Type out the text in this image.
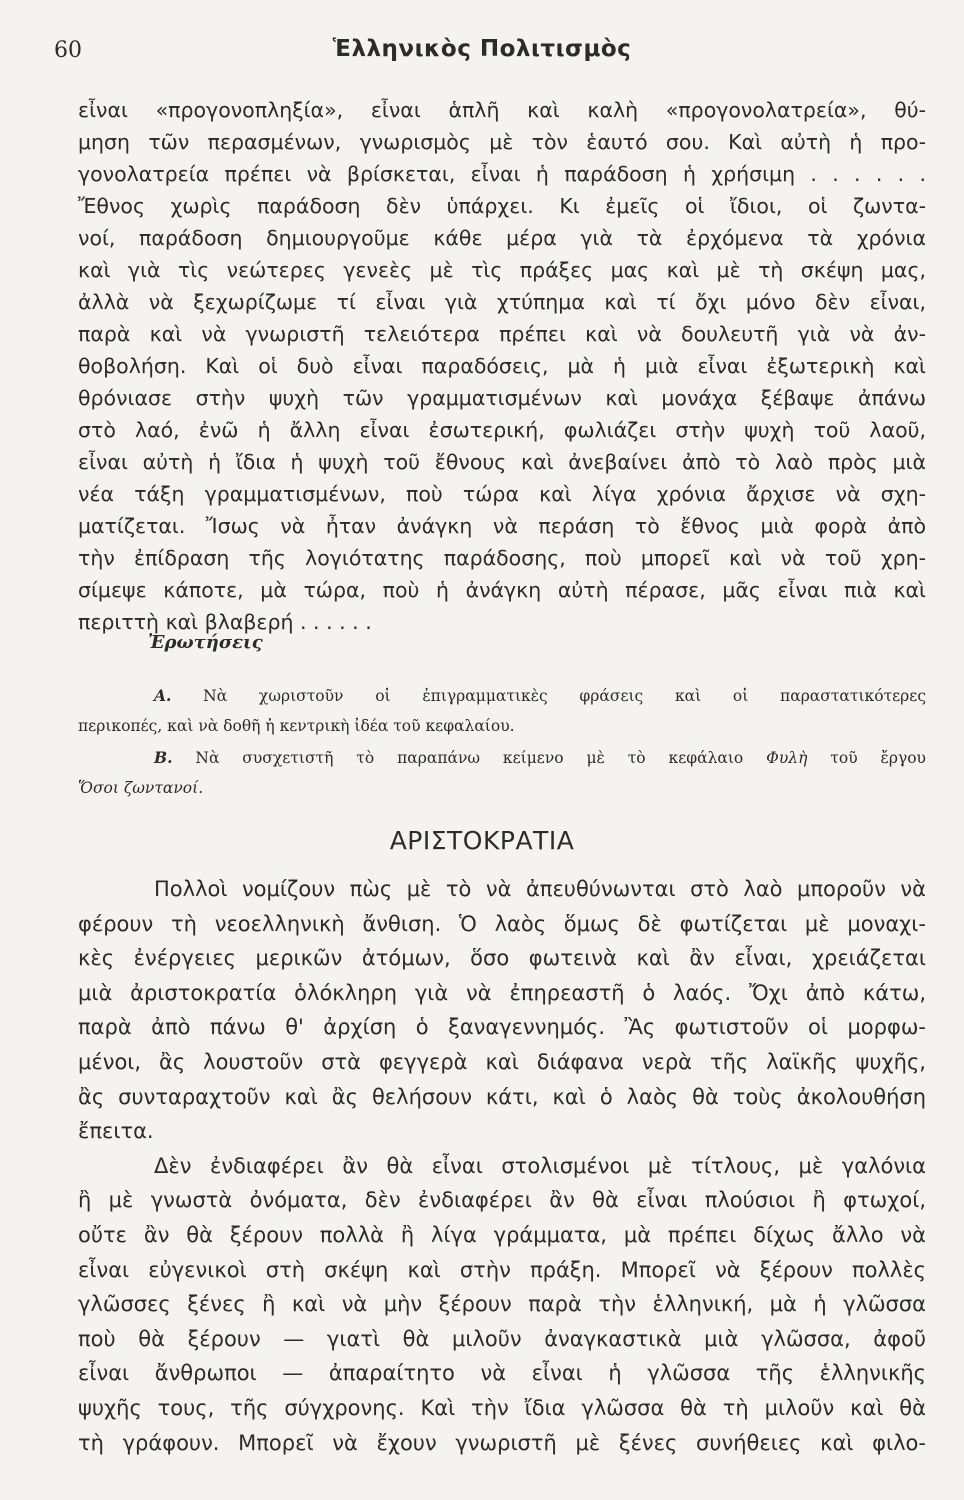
60	Ἑλληνικὸς Πολιτισμὸς
εἶναι «προγονοπληξία», εἶναι ἁπλῆ καὶ καλὴ «προγονολατρεία», θύ-
μηση τῶν περασμένων, γνωρισμὸς μὲ τὸν ἑαυτό σου. Καὶ αὐτὴ ἡ προ-
γονολατρεία πρέπει νὰ βρίσκεται, εἶναι ἡ παράδοση ἡ χρήσιμη . . . . . .
Ἔθνος χωρὶς παράδοση δὲν ὑπάρχει. Κι ἐμεῖς οἱ ἴδιοι, οἱ ζωντα-
νοί, παράδοση δημιουργοῦμε κάθε μέρα γιὰ τὰ ἐρχόμενα τὰ χρόνια
καὶ γιὰ τὶς νεώτερες γενεὲς μὲ τὶς πράξες μας καὶ μὲ τὴ σκέψη μας,
ἀλλὰ νὰ ξεχωρίζωμε τί εἶναι γιὰ χτύπημα καὶ τί ὄχι μόνο δὲν εἶναι,
παρὰ καὶ νὰ γνωριστῆ τελειότερα πρέπει καὶ νὰ δουλευτῆ γιὰ νὰ ἀν-
θοβολήση. Καὶ οἱ δυὸ εἶναι παραδόσεις, μὰ ἡ μιὰ εἶναι ἐξωτερικὴ καὶ
θρόνιασε στὴν ψυχὴ τῶν γραμματισμένων καὶ μονάχα ξέβαψε ἀπάνω
στὸ λαό, ἐνῶ ἡ ἄλλη εἶναι ἐσωτερική, φωλιάζει στὴν ψυχὴ τοῦ λαοῦ,
εἶναι αὐτὴ ἡ ἴδια ἡ ψυχὴ τοῦ ἔθνους καὶ ἀνεβαίνει ἀπὸ τὸ λαὸ πρὸς μιὰ
νέα τάξη γραμματισμένων, ποὺ τώρα καὶ λίγα χρόνια ἄρχισε νὰ σχη-
ματίζεται. Ἴσως νὰ ἦταν ἀνάγκη νὰ περάση τὸ ἔθνος μιὰ φορὰ ἀπὸ
τὴν ἐπίδραση τῆς λογιότατης παράδοσης, ποὺ μπορεῖ καὶ νὰ τοῦ χρη-
σίμεψε κάποτε, μὰ τώρα, ποὺ ἡ ἀνάγκη αὐτὴ πέρασε, μᾶς εἶναι πιὰ καὶ
περιττὴ καὶ βλαβερή . . . . . .
Ἐρωτήσεις
Α. Νὰ χωριστοῦν οἱ ἐπιγραμματικὲς φράσεις καὶ οἱ παραστατικότερες
περικοπές, καὶ νὰ δοθῆ ἡ κεντρικὴ ἰδέα τοῦ κεφαλαίου.
Β. Νὰ συσχετιστῆ τὸ παραπάνω κείμενο μὲ τὸ κεφάλαιο Φυλὴ τοῦ ἔργου
Ὅσοι ζωντανοί.
ΑΡΙΣΤΟΚΡΑΤΙΑ
Πολλοὶ νομίζουν πὼς μὲ τὸ νὰ ἀπευθύνωνται στὸ λαὸ μποροῦν νὰ
φέρουν τὴ νεοελληνικὴ ἄνθιση. Ὁ λαὸς ὅμως δὲ φωτίζεται μὲ μοναχι-
κὲς ἐνέργειες μερικῶν ἀτόμων, ὅσο φωτεινὰ καὶ ἂν εἶναι, χρειάζεται
μιὰ ἀριστοκρατία ὁλόκληρη γιὰ νὰ ἐπηρεαστῆ ὁ λαός. Ὄχι ἀπὸ κάτω,
παρὰ ἀπὸ πάνω θ' ἀρχίση ὁ ξαναγεννημός. Ἂς φωτιστοῦν οἱ μορφω-
μένοι, ἂς λουστοῦν στὰ φεγγερὰ καὶ διάφανα νερὰ τῆς λαϊκῆς ψυχῆς,
ἂς συνταραχτοῦν καὶ ἂς θελήσουν κάτι, καὶ ὁ λαὸς θὰ τοὺς ἀκολουθήση
ἔπειτα.
Δὲν ἐνδιαφέρει ἂν θὰ εἶναι στολισμένοι μὲ τίτλους, μὲ γαλόνια
ἢ μὲ γνωστὰ ὀνόματα, δὲν ἐνδιαφέρει ἂν θὰ εἶναι πλούσιοι ἢ φτωχοί,
οὔτε ἂν θὰ ξέρουν πολλὰ ἢ λίγα γράμματα, μὰ πρέπει δίχως ἄλλο νὰ
εἶναι εὐγενικοὶ στὴ σκέψη καὶ στὴν πράξη. Μπορεῖ νὰ ξέρουν πολλὲς
γλῶσσες ξένες ἢ καὶ νὰ μὴν ξέρουν παρὰ τὴν ἑλληνική, μὰ ἡ γλῶσσα
ποὺ θὰ ξέρουν — γιατὶ θὰ μιλοῦν ἀναγκαστικὰ μιὰ γλῶσσα, ἀφοῦ
εἶναι ἄνθρωποι — ἀπαραίτητο νὰ εἶναι ἡ γλῶσσα τῆς ἑλληνικῆς
ψυχῆς τους, τῆς σύγχρονης. Καὶ τὴν ἴδια γλῶσσα θὰ τὴ μιλοῦν καὶ θὰ
τὴ γράφουν. Μπορεῖ νὰ ἔχουν γνωριστῆ μὲ ξένες συνήθειες καὶ φιλο-
